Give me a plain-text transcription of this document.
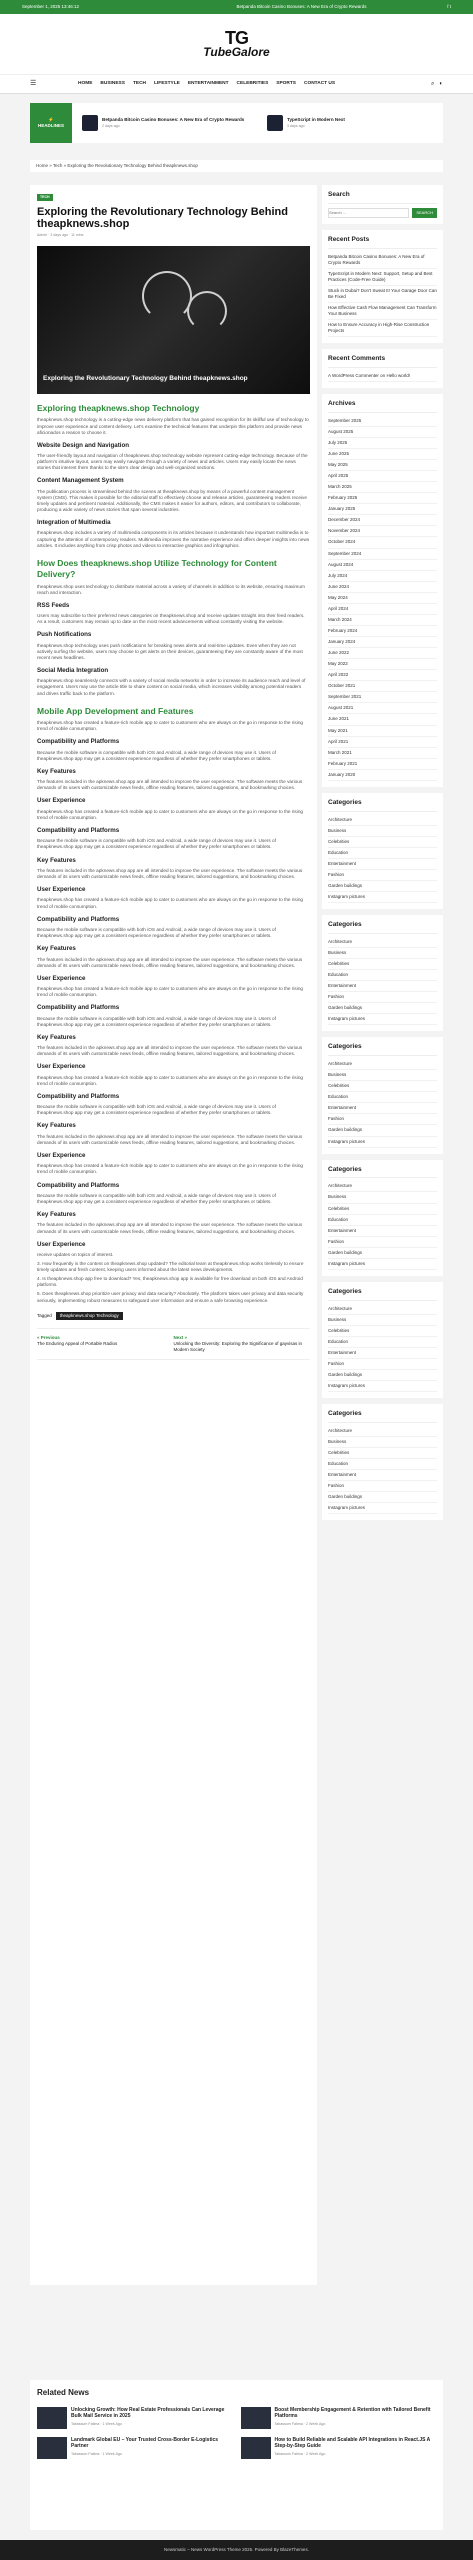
September 1, 2025 13:46:12	Betpanda Bitcoin Casino Bonuses: A New Era of Crypto Rewards	f t
TG
TubeGalore
☰	HOME BUSINESS TECH LIFESTYLE ENTERTAINMENT CELEBRITIES SPORTS CONTACT US	⌕ ◐
⚡
HEADLINES
Betpanda Bitcoin Casino Bonuses: A New Era of Crypto Rewards
2 days ago
TypeScript in Modern Next
3 days ago
Home » Tech » Exploring the Revolutionary Technology Behind theapknews.shop
TECH
Exploring the Revolutionary Technology Behind theapknews.shop
Admin · 3 days ago · 11 mins
Exploring the Revolutionary Technology Behind theapknews.shop
Exploring theapknews.shop Technology

theapknews.shop technology is a cutting-edge news delivery platform that has gained recognition for its skillful use of technology to improve user experience and content delivery. Let's examine the technical features that underpin this platform and provide news aficionados a reason to choose it.

Website Design and Navigation

The user-friendly layout and navigation of theapknews.shop technology website represent cutting-edge technology. Because of the platform's intuitive layout, users may easily navigate through a variety of news and articles. Users may easily locate the news stories that interest them thanks to the site's clear design and well-organized sections.

Content Management System

The publication process is streamlined behind the scenes at theapknews.shop by means of a powerful content management system (CMS). This makes it possible for the editorial staff to effectively choose and release articles, guaranteeing readers receive timely updates and pertinent material. Additionally, the CMS makes it easier for authors, editors, and contributors to collaborate, producing a wide variety of news stories that span several industries.

Integration of Multimedia

theapknews.shop includes a variety of multimedia components in its articles because it understands how important multimedia is to capturing the attention of contemporary readers. Multimedia improves the narrative experience and offers deeper insights into news articles. It includes anything from crisp photos and videos to interactive graphics and infographics.

How Does theapknews.shop Utilize Technology for Content Delivery?

theapknews.shop uses technology to distribute material across a variety of channels in addition to its website, ensuring maximum reach and interaction.

RSS Feeds

Users may subscribe to their preferred news categories on theapknews.shop and receive updates straight into their feed readers. As a result, customers may remain up to date on the most recent advancements without constantly visiting the website.

Push Notifications

theapknews.shop technology uses push notifications for breaking news alerts and real-time updates. Even when they are not actively surfing the website, users may choose to get alerts on their devices, guaranteeing they are constantly aware of the most recent news headlines.

Social Media Integration

theapknews.shop seamlessly connects with a variety of social media networks in order to increase its audience reach and level of engagement. Users may use the article title to share content on social media, which increases visibility among potential readers and drives traffic back to the platform.

Mobile App Development and Features

theapknews.shop has created a feature-rich mobile app to cater to customers who are always on the go in response to the rising trend of mobile consumption.

Compatibility and Platforms

Because the mobile software is compatible with both iOS and Android, a wide range of devices may use it. Users of theapknews.shop app may get a consistent experience regardless of whether they prefer smartphones or tablets.

Key Features

The features included in the apknews.shop app are all intended to improve the user experience. The software meets the various demands of its users with customizable news feeds, offline reading features, tailored suggestions, and bookmarking choices.

User Experience

theapknews.shop has created a feature-rich mobile app to cater to customers who are always on the go in response to the rising trend of mobile consumption.

Compatibility and Platforms

Because the mobile software is compatible with both iOS and Android, a wide range of devices may use it. Users of theapknews.shop app may get a consistent experience regardless of whether they prefer smartphones or tablets.

Key Features

The features included in the apknews.shop app are all intended to improve the user experience. The software meets the various demands of its users with customizable news feeds, offline reading features, tailored suggestions, and bookmarking choices.

User Experience

theapknews.shop has created a feature-rich mobile app to cater to customers who are always on the go in response to the rising trend of mobile consumption.

Compatibility and Platforms

Because the mobile software is compatible with both iOS and Android, a wide range of devices may use it. Users of theapknews.shop app may get a consistent experience regardless of whether they prefer smartphones or tablets.

Key Features

The features included in the apknews.shop app are all intended to improve the user experience. The software meets the various demands of its users with customizable news feeds, offline reading features, tailored suggestions, and bookmarking choices.

User Experience

theapknews.shop has created a feature-rich mobile app to cater to customers who are always on the go in response to the rising trend of mobile consumption.

Compatibility and Platforms

Because the mobile software is compatible with both iOS and Android, a wide range of devices may use it. Users of theapknews.shop app may get a consistent experience regardless of whether they prefer smartphones or tablets.

Key Features

The features included in the apknews.shop app are all intended to improve the user experience. The software meets the various demands of its users with customizable news feeds, offline reading features, tailored suggestions, and bookmarking choices.

User Experience

theapknews.shop has created a feature-rich mobile app to cater to customers who are always on the go in response to the rising trend of mobile consumption.

Compatibility and Platforms

Because the mobile software is compatible with both iOS and Android, a wide range of devices may use it. Users of theapknews.shop app may get a consistent experience regardless of whether they prefer smartphones or tablets.

Key Features

The features included in the apknews.shop app are all intended to improve the user experience. The software meets the various demands of its users with customizable news feeds, offline reading features, tailored suggestions, and bookmarking choices.

User Experience

theapknews.shop has created a feature-rich mobile app to cater to customers who are always on the go in response to the rising trend of mobile consumption.

Compatibility and Platforms

Because the mobile software is compatible with both iOS and Android, a wide range of devices may use it. Users of theapknews.shop app may get a consistent experience regardless of whether they prefer smartphones or tablets.

Key Features

The features included in the apknews.shop app are all intended to improve the user experience. The software meets the various demands of its users with customizable news feeds, offline reading features, tailored suggestions, and bookmarking choices.

User Experience

receive updates on topics of interest.

3. How frequently is the content on theapknews.shop updated? The editorial team at theapknews.shop works tirelessly to ensure timely updates and fresh content, keeping users informed about the latest news developments.

4. Is theapknews.shop app free to download? Yes, theapknews.shop app is available for free download on both iOS and Android platforms.

5. Does theapknews.shop prioritize user privacy and data security? Absolutely. The platform takes user privacy and data security seriously, implementing robust measures to safeguard user information and ensure a safe browsing experience.

Tagged	theapknews.shop Technology
« Previous
The Enduring Appeal of Portable Radios
Next »
Unlocking the Diversity: Exploring the Significance of gayvisas in Modern Society
Search
Search ...
SEARCH
Recent Posts
Betpanda Bitcoin Casino Bonuses: A New Era of Crypto Rewards
TypeScript in Modern Next: Support, Setup and Best Practices (Code-Free Guide)
Stuck in Dubai? Don't Sweat It! Your Garage Door Can Be Fixed
How Effective Cash Flow Management Can Transform Your Business
How to Ensure Accuracy in High-Rise Construction Projects
Recent Comments
A WordPress Commenter on Hello world!
Archives
September 2025
August 2025
July 2025
June 2025
May 2025
April 2025
March 2025
February 2025
January 2025
December 2024
November 2024
October 2024
September 2024
August 2024
July 2024
June 2024
May 2024
April 2024
March 2024
February 2024
January 2024
June 2022
May 2022
April 2022
October 2021
September 2021
August 2021
June 2021
May 2021
April 2021
March 2021
February 2021
January 2020
Categories
Architecture
Business
Celebrities
Education
Entertainment
Fashion
Garden buildings
Instagram pictures
Categories
Architecture
Business
Celebrities
Education
Entertainment
Fashion
Garden buildings
Instagram pictures
Categories
Architecture
Business
Celebrities
Education
Entertainment
Fashion
Garden buildings
Instagram pictures
Categories
Architecture
Business
Celebrities
Education
Entertainment
Fashion
Garden buildings
Instagram pictures
Categories
Architecture
Business
Celebrities
Education
Entertainment
Fashion
Garden buildings
Instagram pictures
Categories
Architecture
Business
Celebrities
Education
Entertainment
Fashion
Garden buildings
Instagram pictures
Related News
Unlocking Growth: How Real Estate Professionals Can Leverage Bulk Mail Service in 2025
Tabassum Fatima · 1 Week Ago
Boost Membership Engagement & Retention with Tailored Benefit Platforms
Tabassum Fatima · 2 Week Ago
Landmark Global EU – Your Trusted Cross-Border E-Logistics Partner
Tabassum Fatima · 1 Week Ago
How to Build Reliable and Scalable API Integrations in React.JS A Step-by-Step Guide
Tabassum Fatima · 2 Week Ago
Newsmatic – News WordPress Theme 2025. Powered By BlazeThemes.
